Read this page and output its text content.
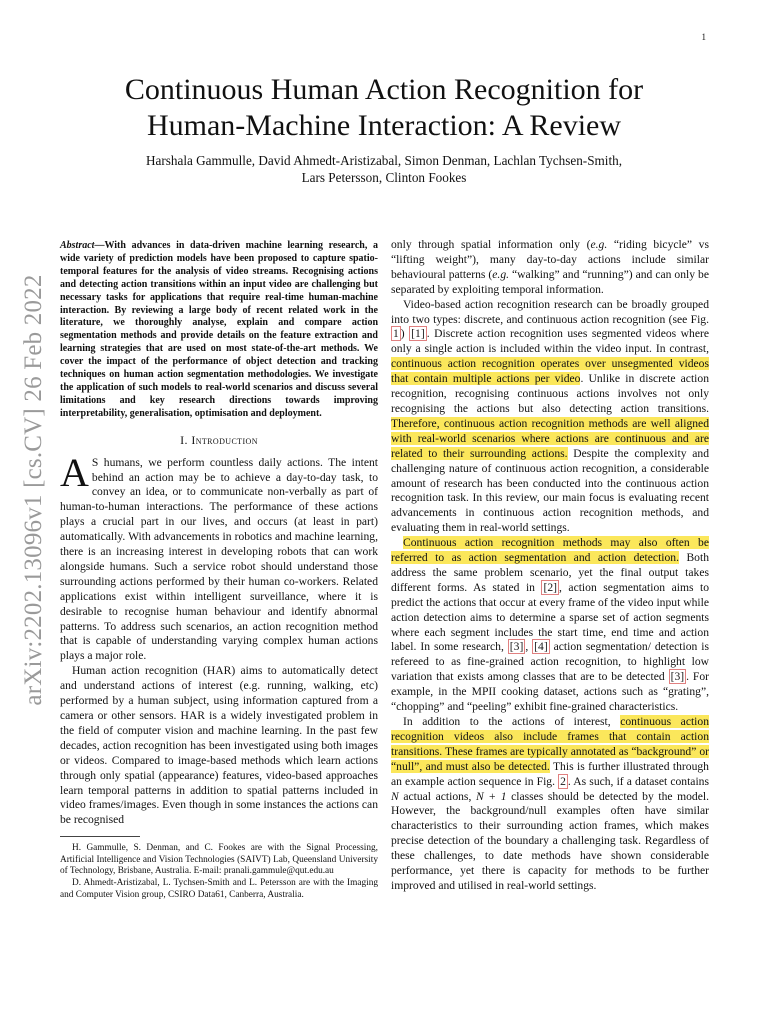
1
arXiv:2202.13096v1 [cs.CV] 26 Feb 2022
Continuous Human Action Recognition for
Human-Machine Interaction: A Review
Harshala Gammulle, David Ahmedt-Aristizabal, Simon Denman, Lachlan Tychsen-Smith,
Lars Petersson, Clinton Fookes

Abstract—With advances in data-driven machine learning research, a wide variety of prediction models have been proposed to capture spatio-temporal features for the analysis of video streams. Recognising actions and detecting action transitions within an input video are challenging but necessary tasks for applications that require real-time human-machine interaction. By reviewing a large body of recent related work in the literature, we thoroughly analyse, explain and compare action segmentation methods and provide details on the feature extraction and learning strategies that are used on most state-of-the-art methods. We cover the impact of the performance of object detection and tracking techniques on human action segmentation methodologies. We investigate the application of such models to real-world scenarios and discuss several limitations and key research directions towards improving interpretability, generalisation, optimisation and deployment.

I. Introduction

A S humans, we perform countless daily actions. The intent behind an action may be to achieve a day-to-day task, to convey an idea, or to communicate non-verbally as part of human-to-human interactions. The performance of these actions plays a crucial part in our lives, and occurs (at least in part) automatically. With advancements in robotics and machine learning, there is an increasing interest in developing robots that can work alongside humans. Such a service robot should understand those surrounding actions performed by their human co-workers. Related applications exist within intelligent surveillance, where it is desirable to recognise human behaviour and identify abnormal patterns. To address such scenarios, an action recognition method that is capable of understanding varying complex human actions plays a major role.

Human action recognition (HAR) aims to automatically detect and understand actions of interest (e.g. running, walking, etc) performed by a human subject, using information captured from a camera or other sensors. HAR is a widely investigated problem in the field of computer vision and machine learning. In the past few decades, action recognition has been investigated using both images or videos. Compared to image-based methods which learn actions through only spatial (appearance) features, video-based approaches learn temporal patterns in addition to spatial patterns included in video frames/images. Even though in some instances the actions can be recognised

H. Gammulle, S. Denman, and C. Fookes are with the Signal Processing, Artificial Intelligence and Vision Technologies (SAIVT) Lab, Queensland University of Technology, Brisbane, Australia. E-mail: pranali.gammule@qut.edu.au

D. Ahmedt-Aristizabal, L. Tychsen-Smith and L. Petersson are with the Imaging and Computer Vision group, CSIRO Data61, Canberra, Australia.

only through spatial information only (e.g. “riding bicycle” vs “lifting weight”), many day-to-day actions include similar behavioural patterns (e.g. “walking” and “running”) and can only be separated by exploiting temporal information.

Video-based action recognition research can be broadly grouped into two types: discrete, and continuous action recognition (see Fig. 1 ) [1] . Discrete action recognition uses segmented videos where only a single action is included within the video input. In contrast, continuous action recognition operates over unsegmented videos that contain multiple actions per video. Unlike in discrete action recognition, recognising continuous actions involves not only recognising the actions but also detecting action transitions. Therefore, continuous action recognition methods are well aligned with real-world scenarios where actions are continuous and are related to their surrounding actions. Despite the complexity and challenging nature of continuous action recognition, a considerable amount of research has been conducted into the continuous action recognition task. In this review, our main focus is evaluating recent advancements in continuous action recognition methods, and evaluating them in real-world settings.

Continuous action recognition methods may also often be referred to as action segmentation and action detection. Both address the same problem scenario, yet the final output takes different forms. As stated in [2] , action segmentation aims to predict the actions that occur at every frame of the video input while action detection aims to determine a sparse set of action segments where each segment includes the start time, end time and action label. In some research, [3] , [4] action segmentation/ detection is refereed to as fine-grained action recognition, to highlight low variation that exists among classes that are to be detected [3] . For example, in the MPII cooking dataset, actions such as “grating”, “chopping” and “peeling” exhibit fine-grained characteristics.

In addition to the actions of interest, continuous action recognition videos also include frames that contain action transitions. These frames are typically annotated as “background” or “null”, and must also be detected. This is further illustrated through an example action sequence in Fig. 2 . As such, if a dataset contains N actual actions, N + 1 classes should be detected by the model. However, the background/null examples often have similar characteristics to their surrounding action frames, which makes precise detection of the boundary a challenging task. Regardless of these challenges, to date methods have shown considerable performance, yet there is capacity for methods to be further improved and utilised in real-world settings.
